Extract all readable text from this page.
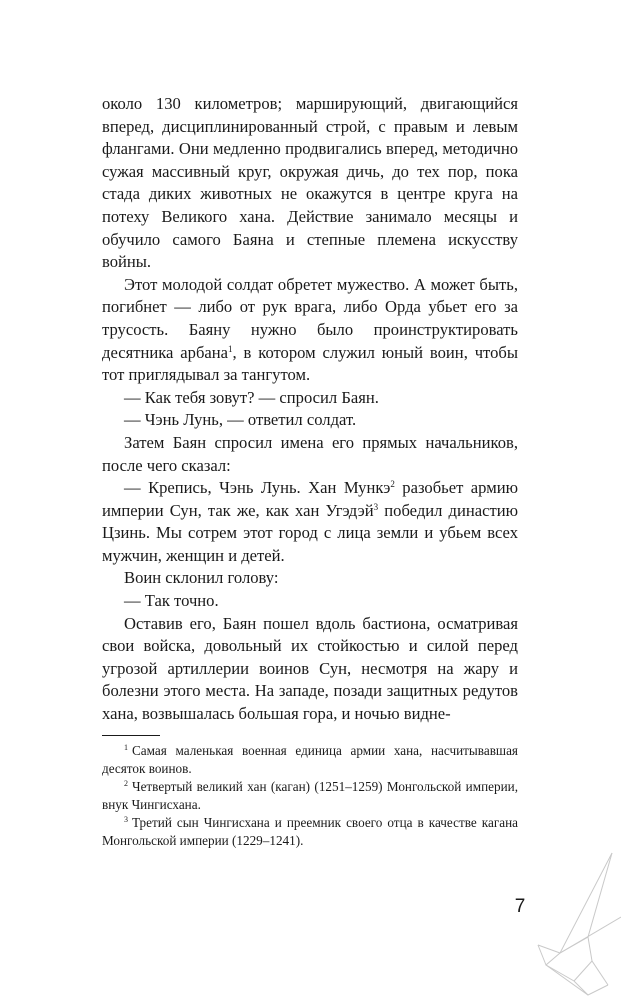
около 130 километров; марширующий, двигающийся вперед, дисциплинированный строй, с правым и левым флангами. Они медленно продвигались вперед, методично сужая массивный круг, окружая дичь, до тех пор, пока стада диких животных не окажутся в центре круга на потеху Великого хана. Действие занимало месяцы и обучило самого Баяна и степные племена искусству войны.

Этот молодой солдат обретет мужество. А может быть, погибнет — либо от рук врага, либо Орда убьет его за трусость. Баяну нужно было проинструктировать десятника арбана$^1$, в котором служил юный воин, чтобы тот приглядывал за тангутом.

— Как тебя зовут? — спросил Баян.

— Чэнь Лунь, — ответил солдат.

Затем Баян спросил имена его прямых начальников, после чего сказал:

— Крепись, Чэнь Лунь. Хан Мункэ$^2$ разобьет армию империи Сун, так же, как хан Угэдэй$^3$ победил династию Цзинь. Мы сотрем этот город с лица земли и убьем всех мужчин, женщин и детей.

Воин склонил голову:

— Так точно.

Оставив его, Баян пошел вдоль бастиона, осматривая свои войска, довольный их стойкостью и силой перед угрозой артиллерии воинов Сун, несмотря на жару и болезни этого места. На западе, позади защитных редутов хана, возвышалась большая гора, и ночью видне-

$^1$ Самая маленькая военная единица армии хана, насчитывавшая десяток воинов.

$^2$ Четвертый великий хан (каган) (1251–1259) Монгольской империи, внук Чингисхана.

$^3$ Третий сын Чингисхана и преемник своего отца в качестве кагана Монгольской империи (1229–1241).

7
